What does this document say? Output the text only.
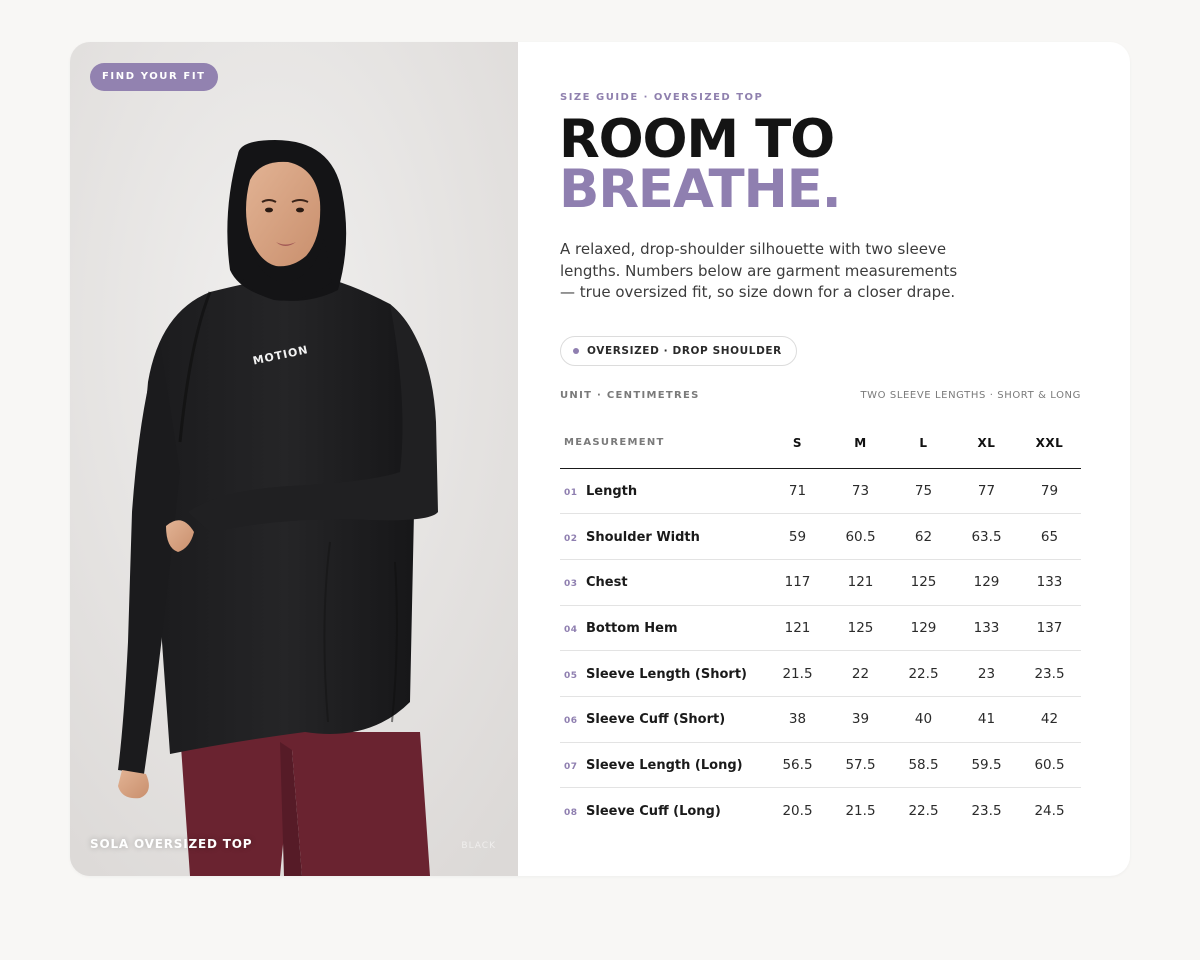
MOTION
FIND YOUR FIT
SOLA OVERSIZED TOP	BLACK
SIZE GUIDE · OVERSIZED TOP
ROOM TO
BREATHE.

A relaxed, drop-shoulder silhouette with two sleeve lengths. Numbers below are garment measurements — true oversized fit, so size down for a closer drape.

OVERSIZED · DROP SHOULDER
UNIT · CENTIMETRES	TWO SLEEVE LENGTHS · SHORT & LONG
MEASUREMENT	S	M	L	XL	XXL
01 Length	71	73	75	77	79
02 Shoulder Width	59	60.5	62	63.5	65
03 Chest	117	121	125	129	133
04 Bottom Hem	121	125	129	133	137
05 Sleeve Length (Short)	21.5	22	22.5	23	23.5
06 Sleeve Cuff (Short)	38	39	40	41	42
07 Sleeve Length (Long)	56.5	57.5	58.5	59.5	60.5
08 Sleeve Cuff (Long)	20.5	21.5	22.5	23.5	24.5
